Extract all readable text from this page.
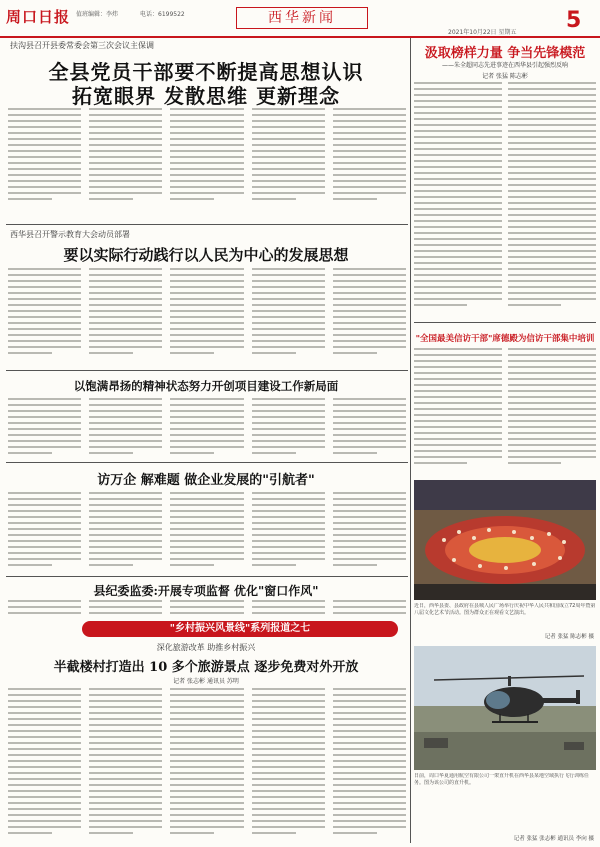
周口日报 值班编辑：李炜	电话：6199522	西华新闻
2021年10月22日 星期五 5
扶沟县召开县委常委会第三次会议主保调
全县党员干部要不断提高思想认识
拓宽眼界 发散思维 更新理念
西华县召开警示教育大会动员部署
要以实际行动践行以人民为中心的发展思想
以饱满昂扬的精神状态努力开创项目建设工作新局面
访万企 解难题 做企业发展的"引航者"
县纪委监委:开展专项监督 优化"窗口作风"
"乡村振兴风景线"系列报道之七
深化旅游改革 助推乡村振兴
半截楼村打造出 10 多个旅游景点 逐步免费对外开放
记者 张志彬 通讯员 苏明
汲取榜样力量 争当先锋模范
——朱全超同志先进事迹在西华县引起强烈反响
记者 张猛 陈志彬
"全国最美信访干部"席德殿为信访干部集中培训
近日，西华县委、县政府在县城人民广场举行庆祝中华人民共和国成立72周年暨第八届文化艺术节活动。图为群众正在观看文艺演出。
记者 张猛 陈志彬 摄
日前，周口华夏通用航空有限公司一架直升机在西华县某地空域执行飞行训练任务。图为该公司的直升机。
记者 张猛 张志彬 通讯员 李向 摄
